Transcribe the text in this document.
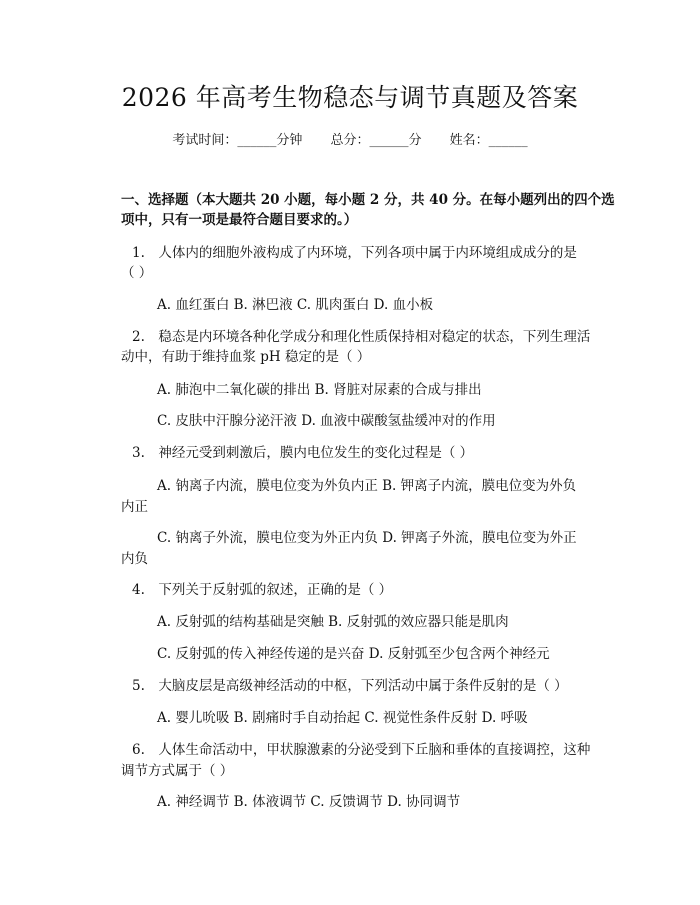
2026 年高考生物稳态与调节真题及答案
考试时间：______分钟 总分：______分 姓名：______
一、选择题（本大题共 20 小题，每小题 2 分，共 40 分。在每小题列出的四个选
项中，只有一项是最符合题目要求的。）
1.　人体内的细胞外液构成了内环境，下列各项中属于内环境组成成分的是
（ ）
A. 血红蛋白 B. 淋巴液 C. 肌肉蛋白 D. 血小板
2.　稳态是内环境各种化学成分和理化性质保持相对稳定的状态，下列生理活
动中，有助于维持血浆 pH 稳定的是（ ）
A. 肺泡中二氧化碳的排出 B. 肾脏对尿素的合成与排出
C. 皮肤中汗腺分泌汗液 D. 血液中碳酸氢盐缓冲对的作用
3.　神经元受到刺激后，膜内电位发生的变化过程是（ ）
A. 钠离子内流，膜电位变为外负内正 B. 钾离子内流，膜电位变为外负
内正
C. 钠离子外流，膜电位变为外正内负 D. 钾离子外流，膜电位变为外正
内负
4.　下列关于反射弧的叙述，正确的是（ ）
A. 反射弧的结构基础是突触 B. 反射弧的效应器只能是肌肉
C. 反射弧的传入神经传递的是兴奋 D. 反射弧至少包含两个神经元
5.　大脑皮层是高级神经活动的中枢，下列活动中属于条件反射的是（ ）
A. 婴儿吮吸 B. 剧痛时手自动抬起 C. 视觉性条件反射 D. 呼吸
6.　人体生命活动中，甲状腺激素的分泌受到下丘脑和垂体的直接调控，这种
调节方式属于（ ）
A. 神经调节 B. 体液调节 C. 反馈调节 D. 协同调节
